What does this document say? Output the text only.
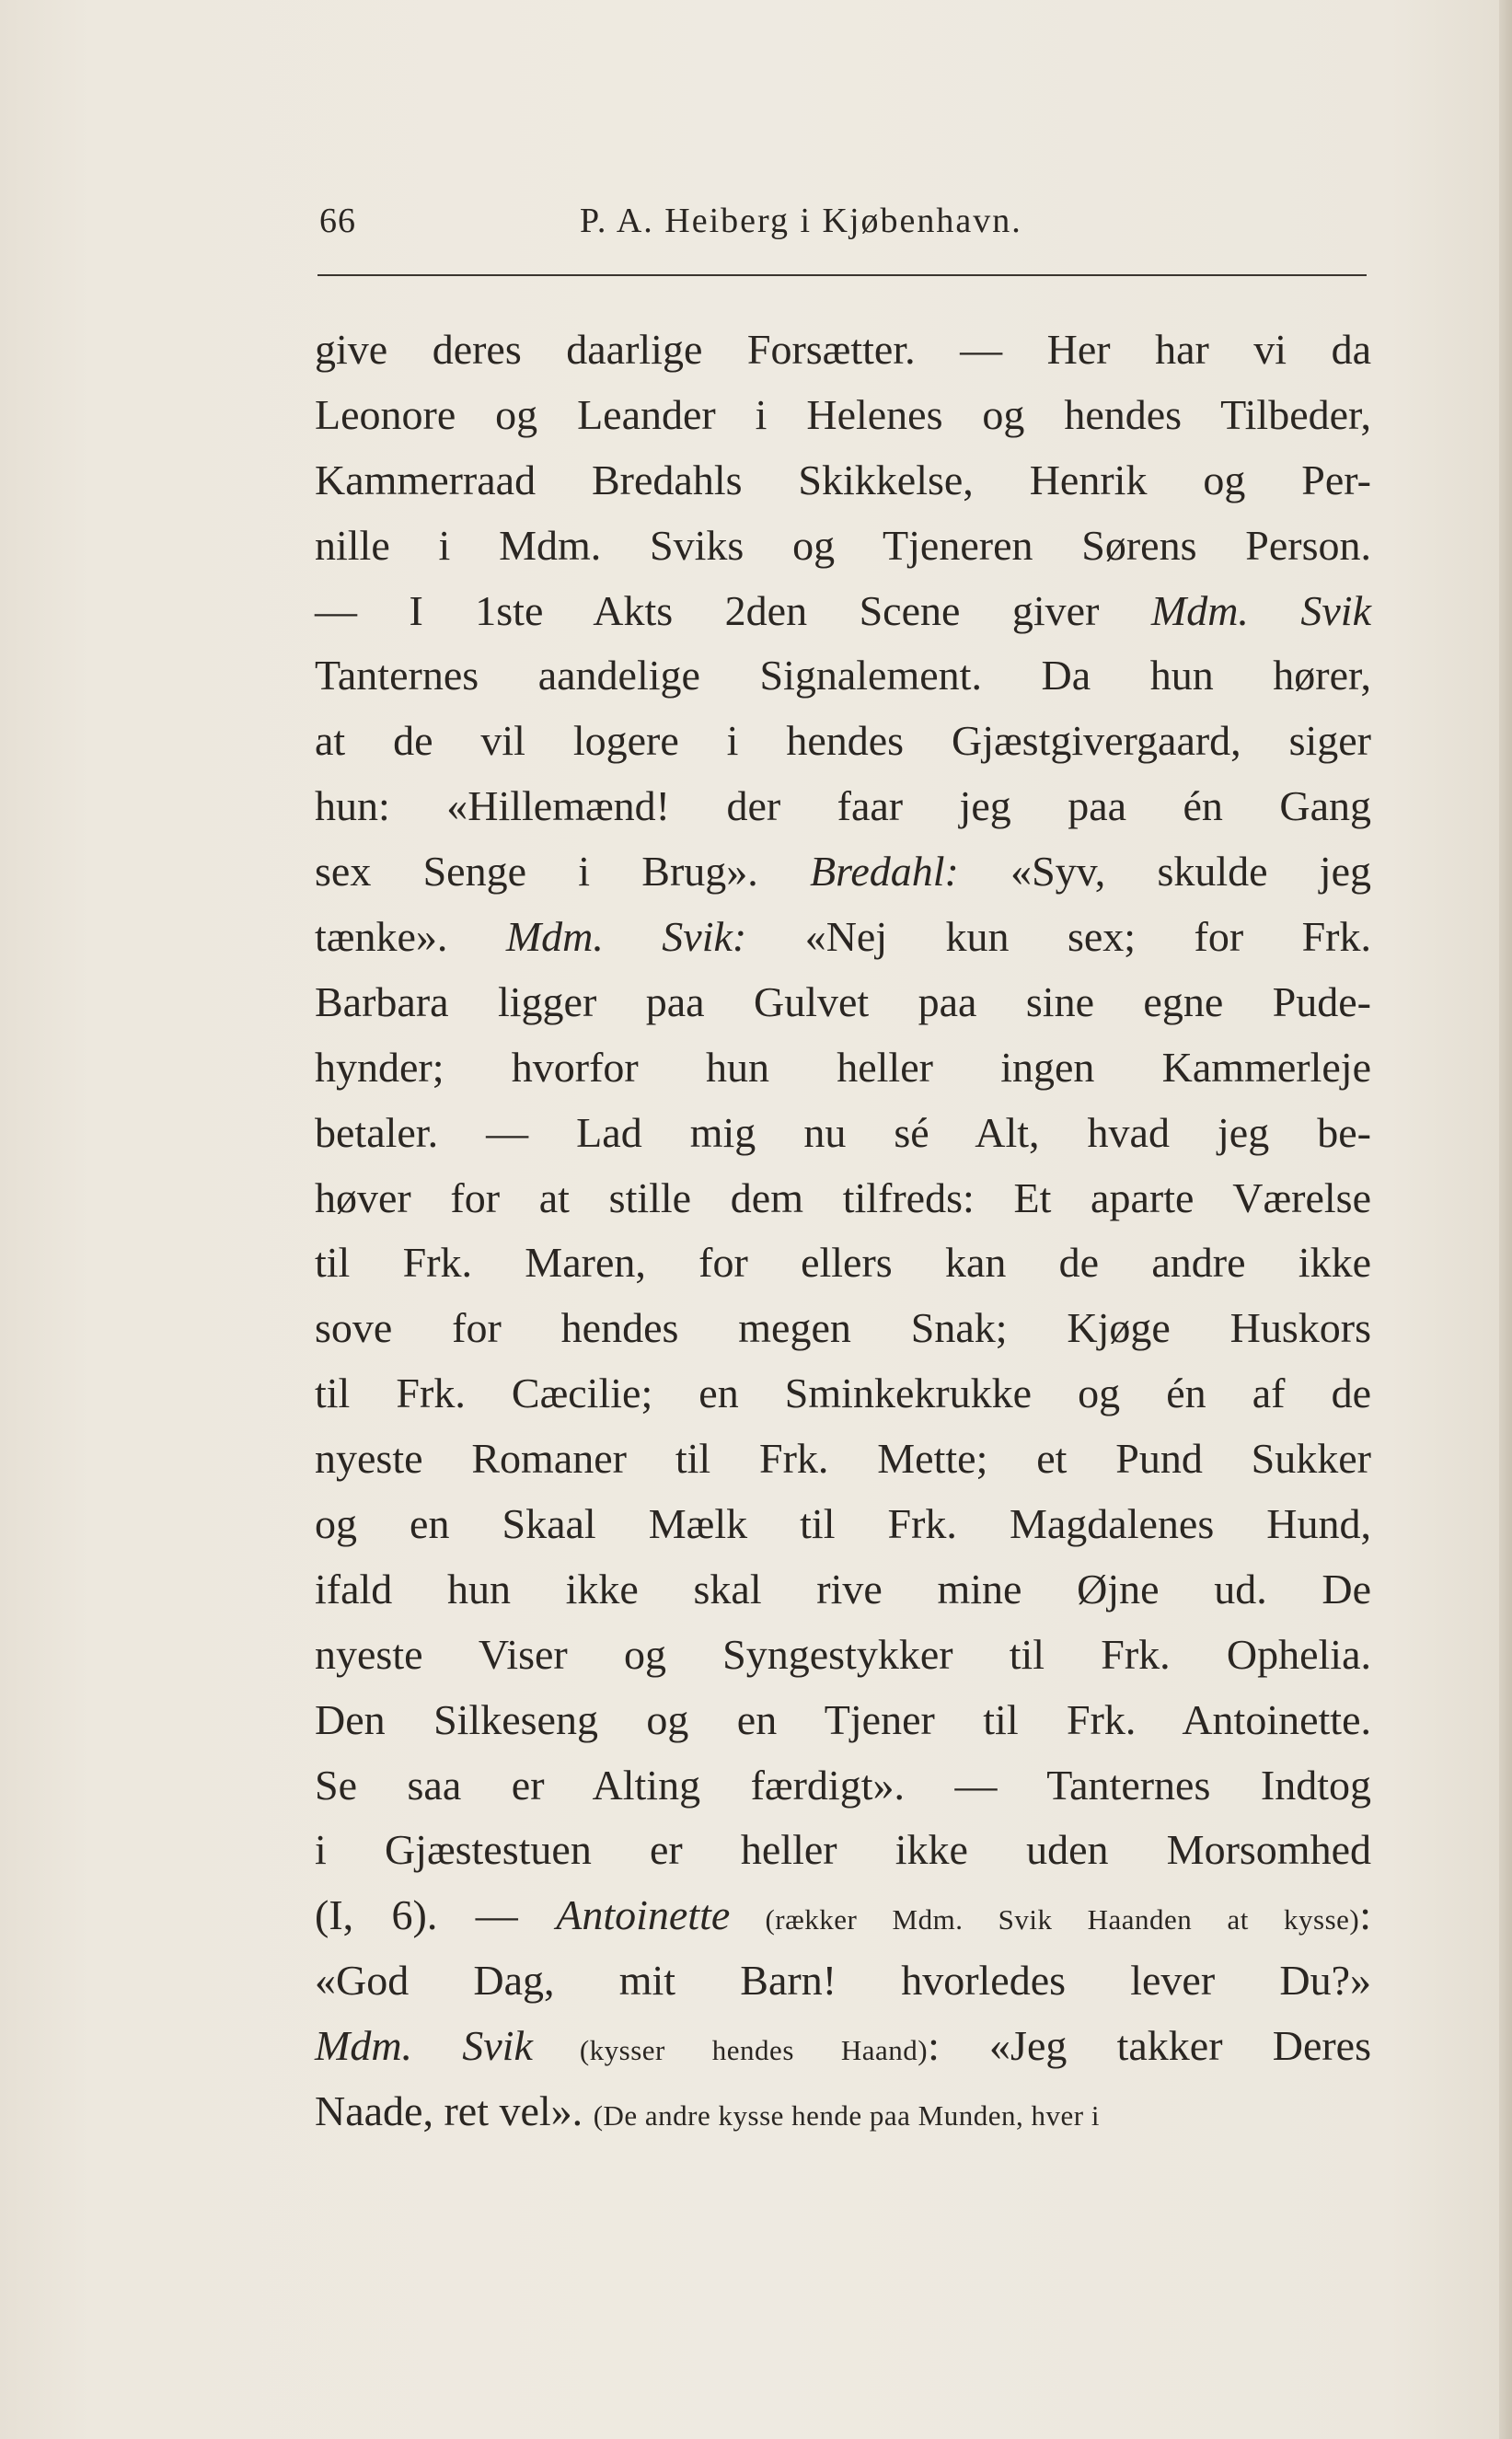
66	P. A. Heiberg i Kjøbenhavn.
give deres daarlige Forsætter. — Her har vi da
Leonore og Leander i Helenes og hendes Tilbeder,
Kammerraad Bredahls Skikkelse, Henrik og Per-
nille i Mdm. Sviks og Tjeneren Sørens Person.
— I 1ste Akts 2den Scene giver Mdm. Svik
Tanternes aandelige Signalement. Da hun hører,
at de vil logere i hendes Gjæstgivergaard, siger
hun: «Hillemænd! der faar jeg paa én Gang
sex Senge i Brug». Bredahl: «Syv, skulde jeg
tænke». Mdm. Svik: «Nej kun sex; for Frk.
Barbara ligger paa Gulvet paa sine egne Pude-
hynder; hvorfor hun heller ingen Kammerleje
betaler. — Lad mig nu sé Alt, hvad jeg be-
høver for at stille dem tilfreds: Et aparte Værelse
til Frk. Maren, for ellers kan de andre ikke
sove for hendes megen Snak; Kjøge Huskors
til Frk. Cæcilie; en Sminkekrukke og én af de
nyeste Romaner til Frk. Mette; et Pund Sukker
og en Skaal Mælk til Frk. Magdalenes Hund,
ifald hun ikke skal rive mine Øjne ud. De
nyeste Viser og Syngestykker til Frk. Ophelia.
Den Silkeseng og en Tjener til Frk. Antoinette.
Se saa er Alting færdigt». — Tanternes Indtog
i Gjæstestuen er heller ikke uden Morsomhed
(I, 6). — Antoinette (rækker Mdm. Svik Haanden at kysse):
«God Dag, mit Barn! hvorledes lever Du?»
Mdm. Svik (kysser hendes Haand): «Jeg takker Deres
Naade, ret vel». (De andre kysse hende paa Munden, hver i
